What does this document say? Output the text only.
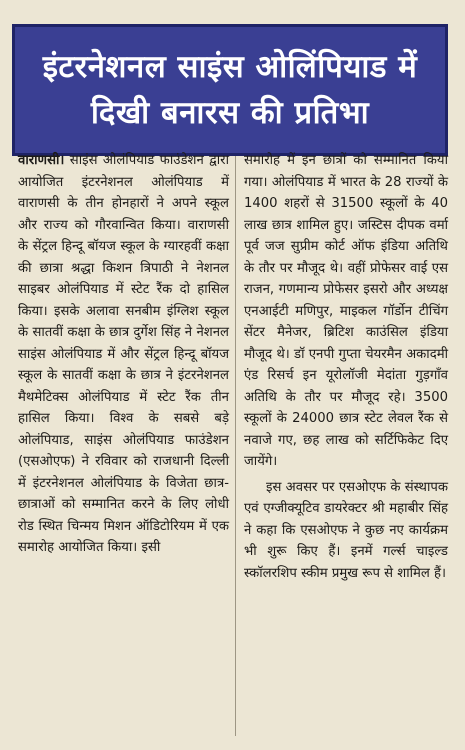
इंटरनेशनल साइंस ओलिंपियाड में
दिखी बनारस की प्रतिभा

वाराणसी। साइंस ओलंपियाड फाउंडेशन द्वारा आयोजित इंटरनेशनल ओलंपियाड में वाराणसी के तीन होनहारों ने अपने स्कूल और राज्य को गौरवान्वित किया। वाराणसी के सेंट्रल हिन्दू बॉयज स्कूल के ग्यारहवीं कक्षा की छात्रा श्रद्धा किशन त्रिपाठी ने नेशनल साइबर ओलंपियाड में स्टेट रैंक दो हासिल किया। इसके अलावा सनबीम इंग्लिश स्कूल के सातवीं कक्षा के छात्र दुर्गेश सिंह ने नेशनल साइंस ओलंपियाड में और सेंट्रल हिन्दू बॉयज स्कूल के सातवीं कक्षा के छात्र ने इंटरनेशनल मैथमेटिक्स ओलंपियाड में स्टेट रैंक तीन हासिल किया। विश्व के सबसे बड़े ओलंपियाड, साइंस ओलंपियाड फाउंडेशन (एसओएफ) ने रविवार को राजधानी दिल्ली में इंटरनेशनल ओलंपियाड के विजेता छात्र-छात्राओं को सम्मानित करने के लिए लोधी रोड स्थित चिन्मय मिशन ऑडिटोरियम में एक समारोह आयोजित किया। इसी

समारोह में इन छात्रों को सम्मानित किया गया। ओलंपियाड में भारत के 28 राज्यों के 1400 शहरों से 31500 स्कूलों के 40 लाख छात्र शामिल हुए। जस्टिस दीपक वर्मा पूर्व जज सुप्रीम कोर्ट ऑफ इंडिया अतिथि के तौर पर मौजूद थे। वहीं प्रोफेसर वाई एस राजन, गणमान्य प्रोफेसर इसरो और अध्यक्ष एनआईटी मणिपुर, माइकल गॉर्डोन टीचिंग सेंटर मैनेजर, ब्रिटिश काउंसिल इंडिया मौजूद थे। डॉ एनपी गुप्ता चेयरमैन अकादमी एंड रिसर्च इन यूरोलॉजी मेदांता गुड़गाँव अतिथि के तौर पर मौजूद रहे। 3500 स्कूलों के 24000 छात्र स्टेट लेवल रैंक से नवाजे गए, छह लाख को सर्टिफिकेट दिए जायेंगे।

इस अवसर पर एसओएफ के संस्थापक एवं एग्जीक्यूटिव डायरेक्टर श्री महाबीर सिंह ने कहा कि एसओएफ ने कुछ नए कार्यक्रम भी शुरू किए हैं। इनमें गर्ल्स चाइल्ड स्कॉलरशिप स्कीम प्रमुख रूप से शामिल हैं।
